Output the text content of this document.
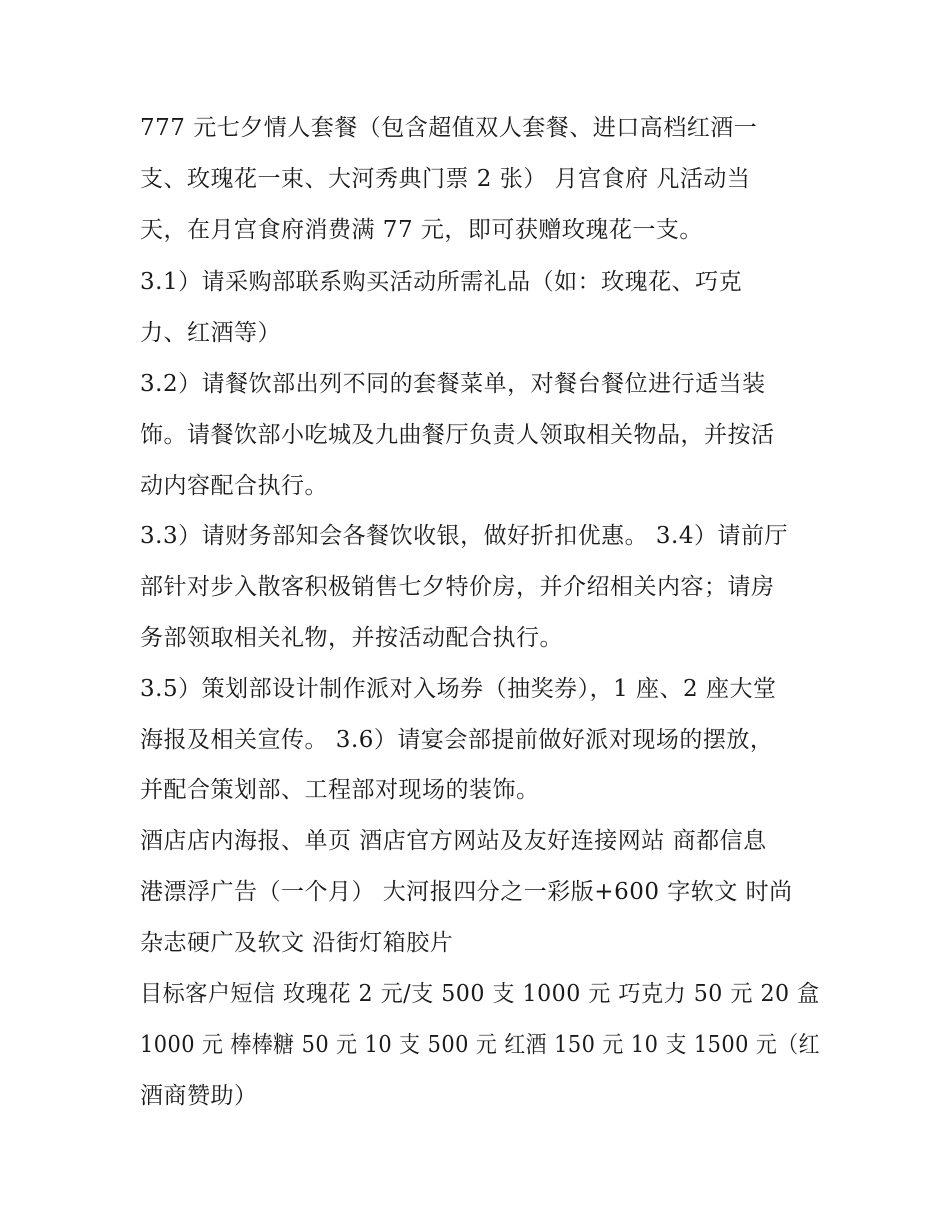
777 元七夕情人套餐（包含超值双人套餐、进口高档红酒一
支、玫瑰花一束、大河秀典门票 2 张） 月宫食府 凡活动当
天，在月宫食府消费满 77 元，即可获赠玫瑰花一支。
3.1）请采购部联系购买活动所需礼品（如：玫瑰花、巧克
力、红酒等）
3.2）请餐饮部出列不同的套餐菜单，对餐台餐位进行适当装
饰。请餐饮部小吃城及九曲餐厅负责人领取相关物品，并按活
动内容配合执行。
3.3）请财务部知会各餐饮收银，做好折扣优惠。 3.4）请前厅
部针对步入散客积极销售七夕特价房，并介绍相关内容；请房
务部领取相关礼物，并按活动配合执行。
3.5）策划部设计制作派对入场券（抽奖券），1 座、2 座大堂
海报及相关宣传。 3.6）请宴会部提前做好派对现场的摆放，
并配合策划部、工程部对现场的装饰。
酒店店内海报、单页 酒店官方网站及友好连接网站 商都信息
港漂浮广告（一个月） 大河报四分之一彩版+600 字软文 时尚
杂志硬广及软文 沿街灯箱胶片
目标客户短信 玫瑰花 2 元/支 500 支 1000 元 巧克力 50 元 20 盒
1000 元 棒棒糖 50 元 10 支 500 元 红酒 150 元 10 支 1500 元（红
酒商赞助）
